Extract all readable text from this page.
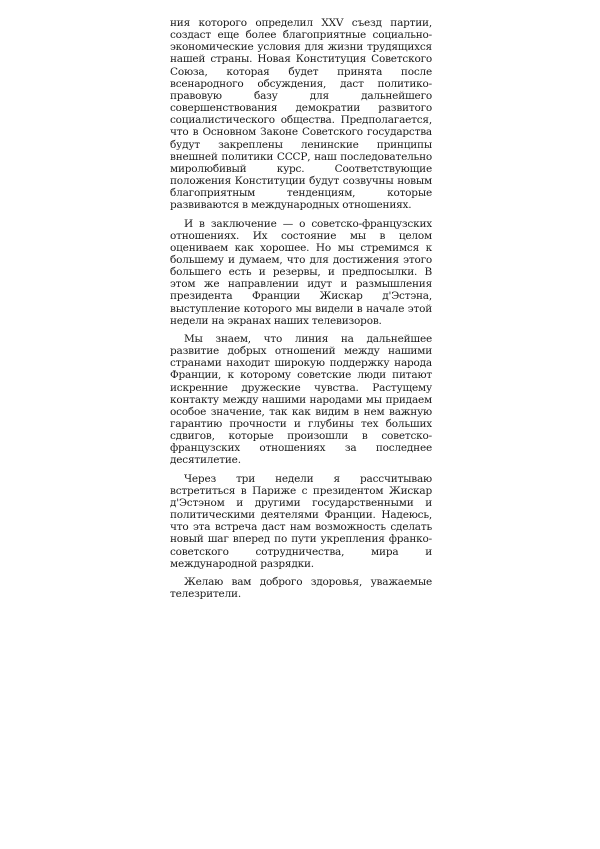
ния которого определил XXV съезд партии, создаст еще более благоприятные социально-экономические условия для жизни трудящихся нашей страны. Новая Конституция Советского Союза, которая будет принята после всенародного обсуждения, даст политико-правовую базу для дальнейшего совершенствования демократии развитого социалистического общества. Предполагается, что в Основном Законе Советского государства будут закреплены ленинские принципы внешней политики СССР, наш последовательно миролюбивый курс. Соответствующие положения Конституции будут созвучны новым благоприятным тенденциям, которые развиваются в международных отношениях.

И в заключение — о советско-французских отношениях. Их состояние мы в целом оцениваем как хорошее. Но мы стремимся к большему и думаем, что для достижения этого большего есть и резервы, и предпосылки. В этом же направлении идут и размышления президента Франции Жискар д'Эстэна, выступление которого мы видели в начале этой недели на экранах наших телевизоров.

Мы знаем, что линия на дальнейшее развитие добрых отношений между нашими странами находит широкую поддержку народа Франции, к которому советские люди питают искренние дружеские чувства. Растущему контакту между нашими народами мы придаем особое значение, так как видим в нем важную гарантию прочности и глубины тех больших сдвигов, которые произошли в советско-французских отношениях за последнее десятилетие.

Через три недели я рассчитываю встретиться в Париже с президентом Жискар д'Эстэном и другими государственными и политическими деятелями Франции. Надеюсь, что эта встреча даст нам возможность сделать новый шаг вперед по пути укрепления франко-советского сотрудничества, мира и международной разрядки.

Желаю вам доброго здоровья, уважаемые телезрители.
